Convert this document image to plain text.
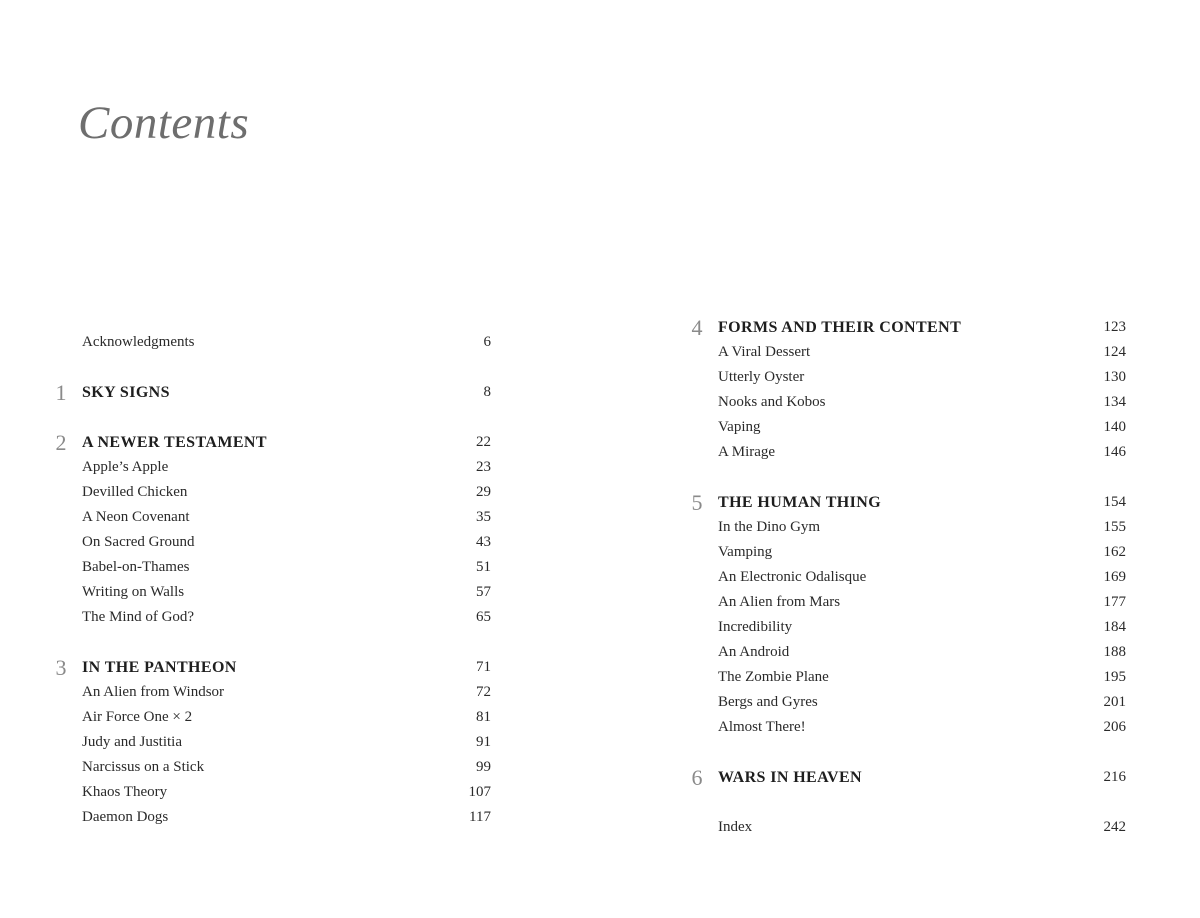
Contents
Acknowledgments	6
1 SKY SIGNS	8
2 A NEWER TESTAMENT	22
Apple’s Apple	23
Devilled Chicken	29
A Neon Covenant	35
On Sacred Ground	43
Babel-on-Thames	51
Writing on Walls	57
The Mind of God?	65
3 IN THE PANTHEON	71
An Alien from Windsor	72
Air Force One × 2	81
Judy and Justitia	91
Narcissus on a Stick	99
Khaos Theory	107
Daemon Dogs	117
4 FORMS AND THEIR CONTENT	123
A Viral Dessert	124
Utterly Oyster	130
Nooks and Kobos	134
Vaping	140
A Mirage	146
5 THE HUMAN THING	154
In the Dino Gym	155
Vamping	162
An Electronic Odalisque	169
An Alien from Mars	177
Incredibility	184
An Android	188
The Zombie Plane	195
Bergs and Gyres	201
Almost There!	206
6 WARS IN HEAVEN	216
Index	242
